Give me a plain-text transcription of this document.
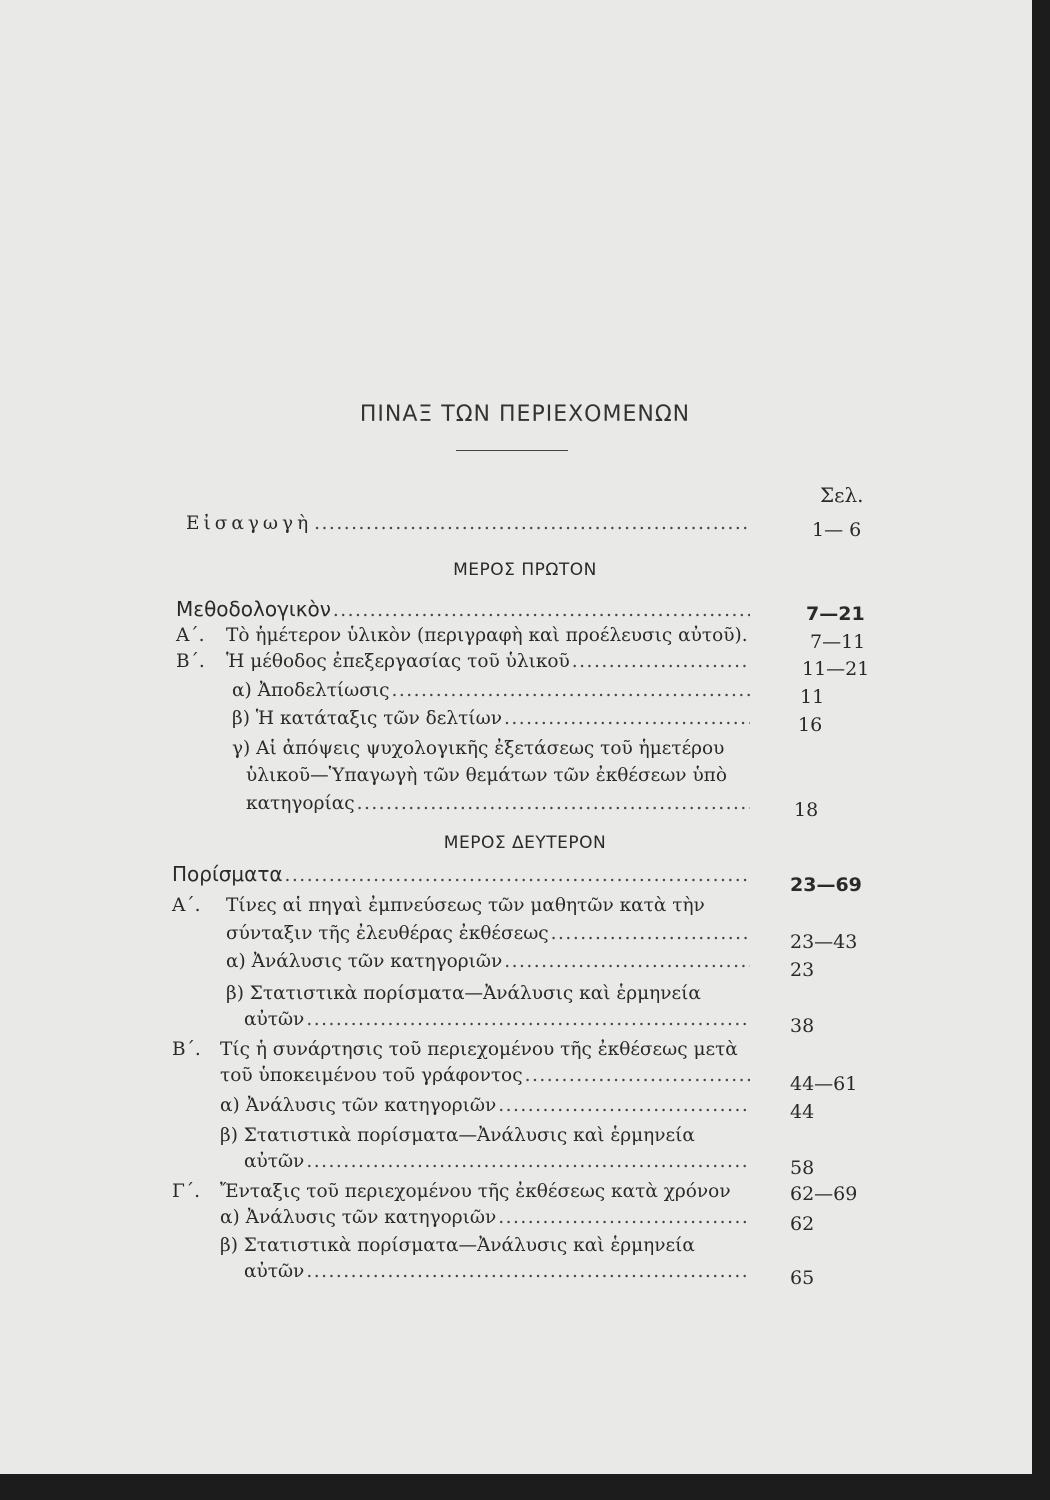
ΠΙΝΑΞ ΤΩΝ ΠΕΡΙΕΧΟΜΕΝΩΝ
Σελ.
Εἰσαγωγὴ .....	1— 6
ΜΕΡΟΣ ΠΡΩΤΟΝ
Μεθοδολογικὸν .....	7—21
Α΄. Τὸ ἡμέτερον ὑλικὸν (περιγραφὴ καὶ προέλευσις αὐτοῦ).	7—11
Β΄. Ἡ μέθοδος ἐπεξεργασίας τοῦ ὑλικοῦ .....	11—21
α) Ἀποδελτίωσις .....	11
β) Ἡ κατάταξις τῶν δελτίων .....	16
γ) Αἱ ἀπόψεις ψυχολογικῆς ἐξετάσεως τοῦ ἡμετέρου
ὑλικοῦ—Ὑπαγωγὴ τῶν θεμάτων τῶν ἐκθέσεων ὑπὸ
κατηγορίας .....	18
ΜΕΡΟΣ ΔΕΥΤΕΡΟΝ
Πορίσματα .....	23—69
Α΄. Τίνες αἱ πηγαὶ ἐμπνεύσεως τῶν μαθητῶν κατὰ τὴν
σύνταξιν τῆς ἐλευθέρας ἐκθέσεως .....	23—43
α) Ἀνάλυσις τῶν κατηγοριῶν .....	23
β) Στατιστικὰ πορίσματα—Ἀνάλυσις καὶ ἑρμηνεία
αὐτῶν .....	38
Β΄. Τίς ἡ συνάρτησις τοῦ περιεχομένου τῆς ἐκθέσεως μετὰ
τοῦ ὑποκειμένου τοῦ γράφοντος .....	44—61
α) Ἀνάλυσις τῶν κατηγοριῶν .....	44
β) Στατιστικὰ πορίσματα—Ἀνάλυσις καὶ ἑρμηνεία
αὐτῶν .....	58
Γ΄. Ἔνταξις τοῦ περιεχομένου τῆς ἐκθέσεως κατὰ χρόνον	62—69
α) Ἀνάλυσις τῶν κατηγοριῶν .....	62
β) Στατιστικὰ πορίσματα—Ἀνάλυσις καὶ ἑρμηνεία
αὐτῶν .....	65
